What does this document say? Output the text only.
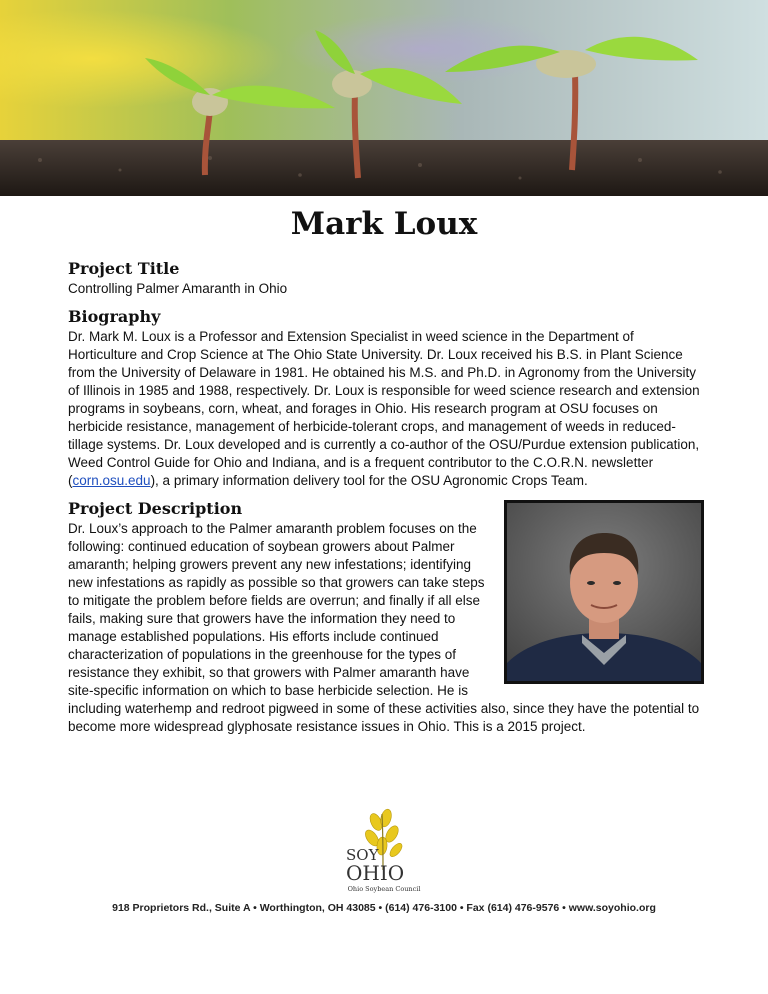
Mark Loux
Project Title

Controlling Palmer Amaranth in Ohio

Biography

Dr. Mark M. Loux is a Professor and Extension Specialist in weed science in the Department of Horticulture and Crop Science at The Ohio State University. Dr. Loux received his B.S. in Plant Science from the University of Delaware in 1981. He obtained his M.S. and Ph.D. in Agronomy from the University of Illinois in 1985 and 1988, respectively. Dr. Loux is responsible for weed science research and extension programs in soybeans, corn, wheat, and forages in Ohio. His research program at OSU focuses on herbicide resistance, management of herbicide-tolerant crops, and management of weeds in reduced-tillage systems. Dr. Loux developed and is currently a co-author of the OSU/Purdue extension publication, Weed Control Guide for Ohio and Indiana, and is a frequent contributor to the C.O.R.N. newsletter (corn.osu.edu), a primary information delivery tool for the OSU Agronomic Crops Team.

Project Description

Dr. Loux’s approach to the Palmer amaranth problem focuses on the following: continued education of soybean growers about Palmer amaranth; helping growers prevent any new infestations; identifying new infestations as rapidly as possible so that growers can take steps to mitigate the problem before fields are overrun; and finally if all else fails, making sure that growers have the information they need to manage established populations. His efforts include continued characterization of populations in the greenhouse for the types of resistance they exhibit, so that growers with Palmer amaranth have site-specific information on which to base herbicide selection. He is including waterhemp and redroot pigweed in some of these activities also, since they have the potential to become more widespread glyphosate resistance issues in Ohio. This is a 2015 project.

SOY
OHIO
Ohio Soybean Council
918 Proprietors Rd., Suite A • Worthington, OH 43085 • (614) 476-3100 • Fax (614) 476-9576 • www.soyohio.org
